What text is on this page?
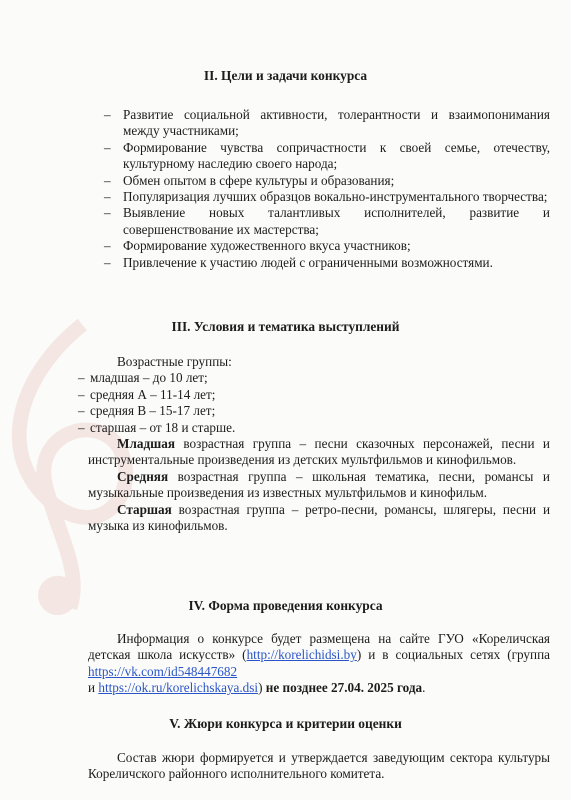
II. Цели и задачи конкурса
– Развитие социальной активности, толерантности и взаимопонимания между участниками;
– Формирование чувства сопричастности к своей семье, отечеству, культурному наследию своего народа;
– Обмен опытом в сфере культуры и образования;
– Популяризация лучших образцов вокально-инструментального творчества;
– Выявление новых талантливых исполнителей, развитие и совершенствование их мастерства;
– Формирование художественного вкуса участников;
– Привлечение к участию людей с ограниченными возможностями.
III. Условия и тематика выступлений

Возрастные группы:

– младшая – до 10 лет;
– средняя А – 11-14 лет;
– средняя В – 15-17 лет;
– старшая – от 18 и старше.

Младшая возрастная группа – песни сказочных персонажей, песни и инструментальные произведения из детских мультфильмов и кинофильмов.

Средняя возрастная группа – школьная тематика, песни, романсы и музыкальные произведения из известных мультфильмов и кинофильм.

Старшая возрастная группа – ретро-песни, романсы, шлягеры, песни и музыка из кинофильмов.

IV. Форма проведения конкурса

Информация о конкурсе будет размещена на сайте ГУО «Кореличская детская школа искусств» (http://korelichidsi.by) и в социальных сетях (группа https://vk.com/id548447682
и https://ok.ru/korelichskaya.dsi) не позднее 27.04. 2025 года.

V. Жюри конкурса и критерии оценки

Состав жюри формируется и утверждается заведующим сектора культуры Кореличского районного исполнительного комитета.
